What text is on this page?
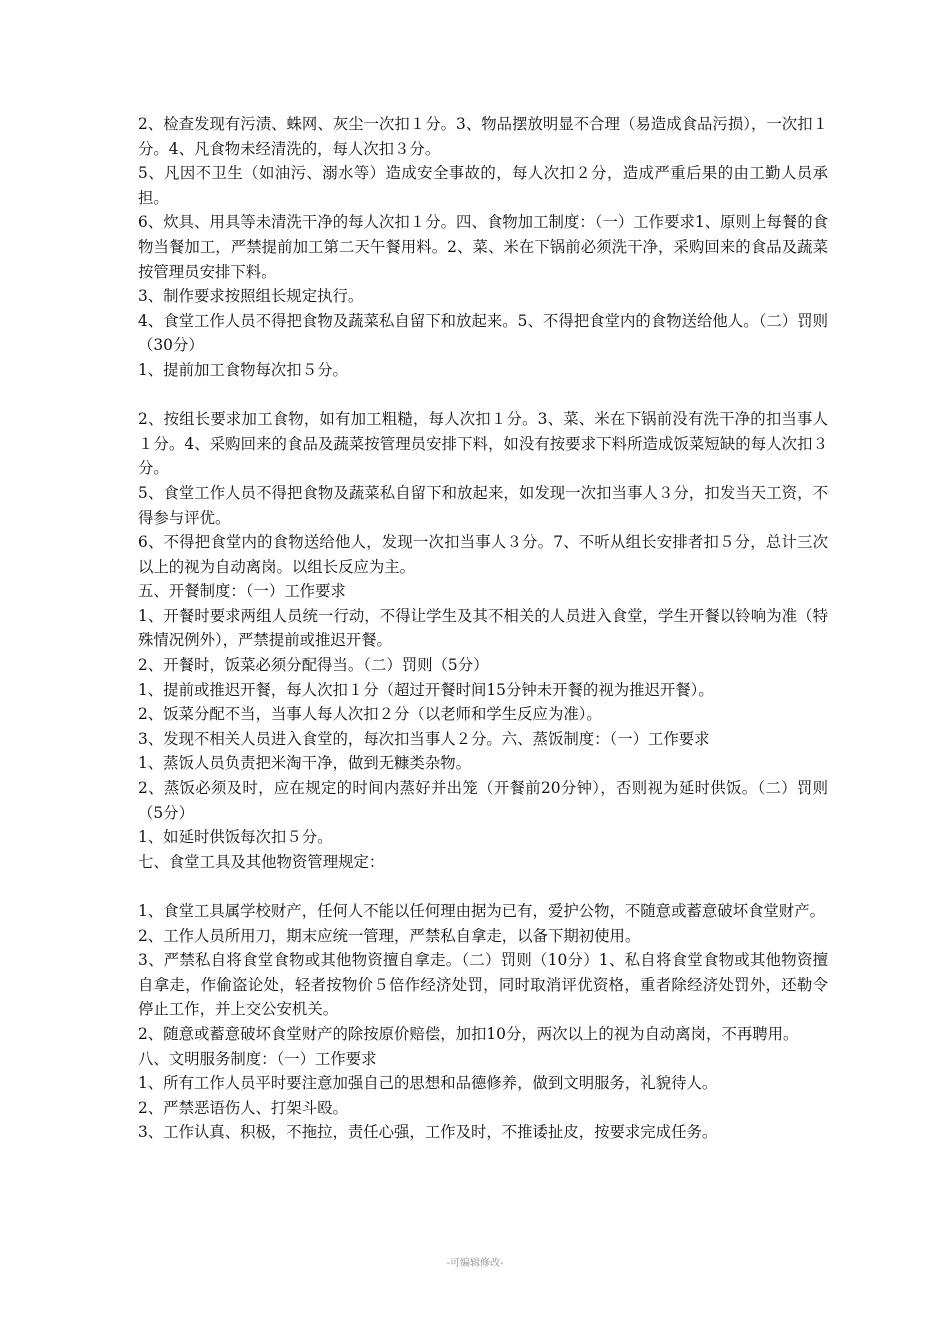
2、检查发现有污渍、蛛网、灰尘一次扣１分。3、物品摆放明显不合理（易造成食品污损），一次扣１分。4、凡食物未经清洗的，每人次扣３分。

5、凡因不卫生（如油污、溺水等）造成安全事故的，每人次扣２分，造成严重后果的由工勤人员承担。

6、炊具、用具等未清洗干净的每人次扣１分。四、食物加工制度：（一）工作要求1、原则上每餐的食物当餐加工，严禁提前加工第二天午餐用料。2、菜、米在下锅前必须洗干净，采购回来的食品及蔬菜按管理员安排下料。

3、制作要求按照组长规定执行。

4、食堂工作人员不得把食物及蔬菜私自留下和放起来。5、不得把食堂内的食物送给他人。（二）罚则（30分）

1、提前加工食物每次扣５分。

2、按组长要求加工食物，如有加工粗糙，每人次扣１分。3、菜、米在下锅前没有洗干净的扣当事人１分。4、采购回来的食品及蔬菜按管理员安排下料，如没有按要求下料所造成饭菜短缺的每人次扣３分。

5、食堂工作人员不得把食物及蔬菜私自留下和放起来，如发现一次扣当事人３分，扣发当天工资，不得参与评优。

6、不得把食堂内的食物送给他人，发现一次扣当事人３分。7、不听从组长安排者扣５分，总计三次以上的视为自动离岗。以组长反应为主。

五、开餐制度：（一）工作要求

1、开餐时要求两组人员统一行动，不得让学生及其不相关的人员进入食堂，学生开餐以铃响为准（特殊情况例外），严禁提前或推迟开餐。

2、开餐时，饭菜必须分配得当。（二）罚则（5分）

1、提前或推迟开餐，每人次扣１分（超过开餐时间15分钟未开餐的视为推迟开餐）。

2、饭菜分配不当，当事人每人次扣２分（以老师和学生反应为准）。

3、发现不相关人员进入食堂的，每次扣当事人２分。六、蒸饭制度：（一）工作要求

1、蒸饭人员负责把米淘干净，做到无糠类杂物。

2、蒸饭必须及时，应在规定的时间内蒸好并出笼（开餐前20分钟），否则视为延时供饭。（二）罚则（5分）

1、如延时供饭每次扣５分。

七、食堂工具及其他物资管理规定：

1、食堂工具属学校财产，任何人不能以任何理由据为已有，爱护公物，不随意或蓄意破坏食堂财产。

2、工作人员所用刀，期末应统一管理，严禁私自拿走，以备下期初使用。

3、严禁私自将食堂食物或其他物资擅自拿走。（二）罚则（10分）1、私自将食堂食物或其他物资擅自拿走，作偷盗论处，轻者按物价５倍作经济处罚，同时取消评优资格，重者除经济处罚外，还勒令停止工作，并上交公安机关。

2、随意或蓄意破坏食堂财产的除按原价赔偿，加扣10分，两次以上的视为自动离岗，不再聘用。

八、文明服务制度：（一）工作要求

1、所有工作人员平时要注意加强自己的思想和品德修养，做到文明服务，礼貌待人。

2、严禁恶语伤人、打架斗殴。

3、工作认真、积极，不拖拉，责任心强，工作及时，不推诿扯皮，按要求完成任务。

-可编辑修改-
